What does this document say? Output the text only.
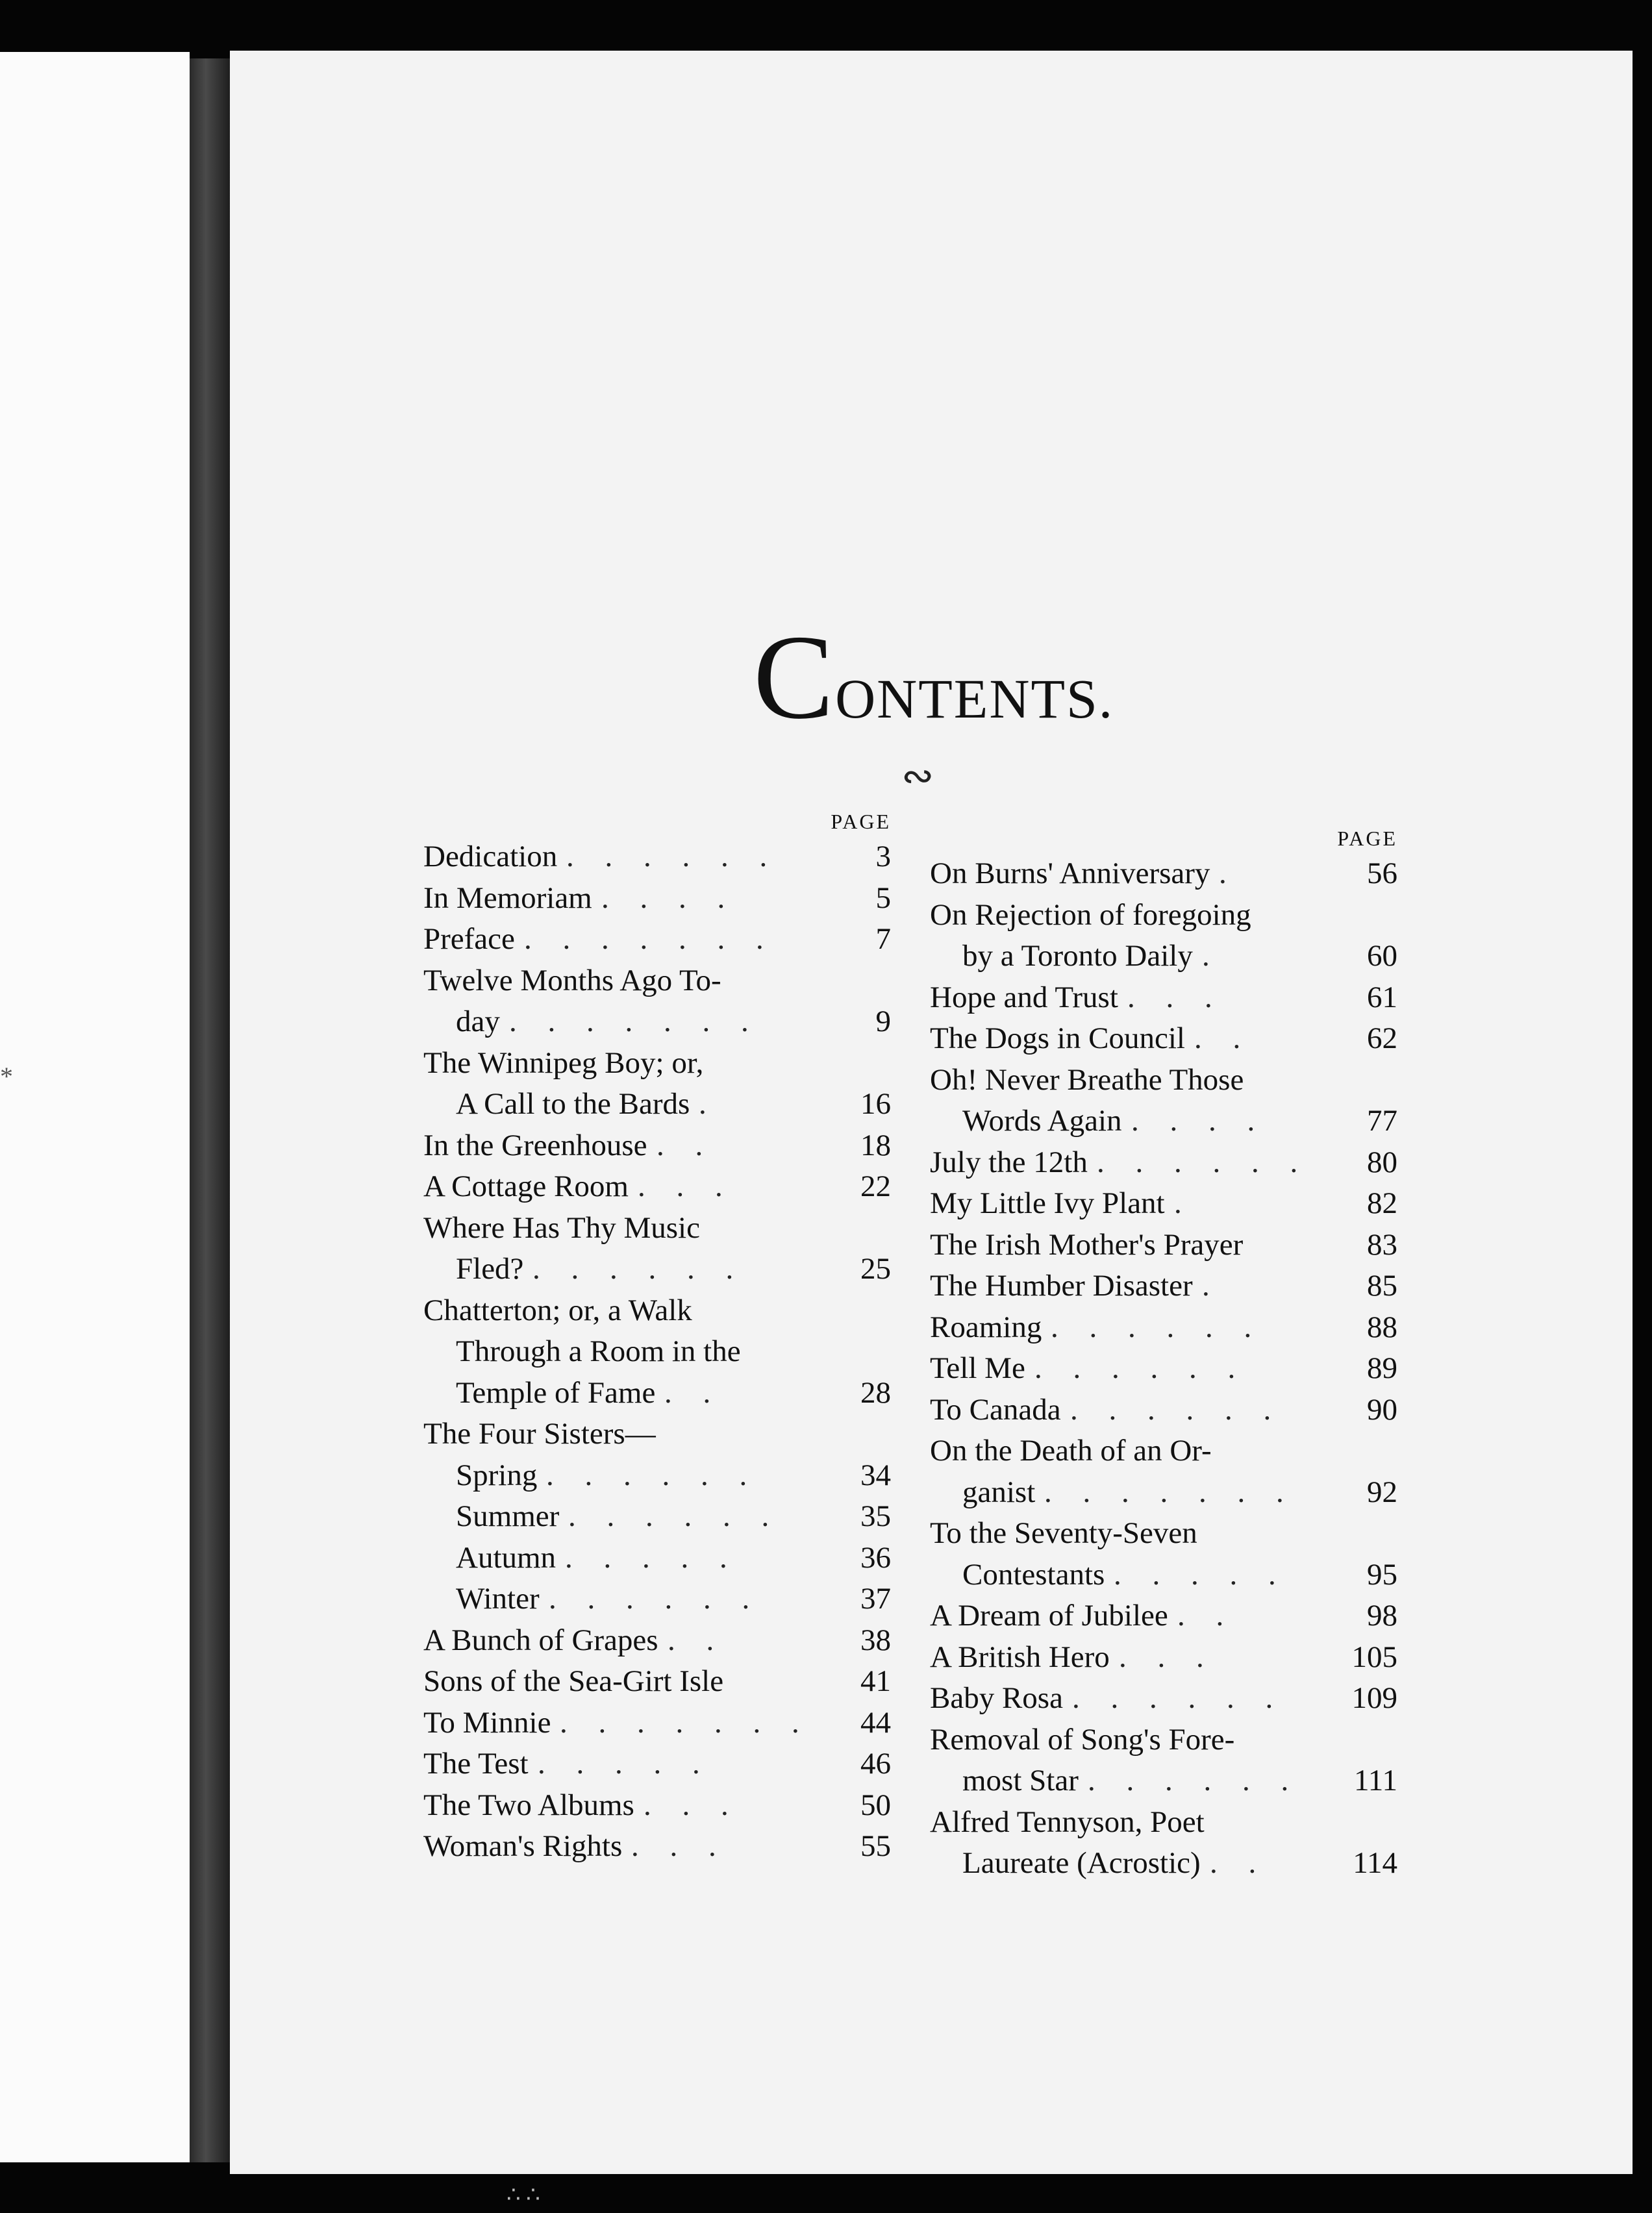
*
CONTENTS.
∾
PAGE
Dedication . . . . . .	3
In Memoriam . . . .	5
Preface . . . . . . .	7
Twelve Months Ago To-
day . . . . . . .	9
The Winnipeg Boy; or,
A Call to the Bards .	16
In the Greenhouse . .	18
A Cottage Room . . .	22
Where Has Thy Music
Fled? . . . . . .	25
Chatterton; or, a Walk
Through a Room in the
Temple of Fame . .	28
The Four Sisters—
Spring . . . . . .	34
Summer . . . . . .	35
Autumn . . . . .	36
Winter . . . . . .	37
A Bunch of Grapes . .	38
Sons of the Sea-Girt Isle	41
To Minnie . . . . . . . 44
The Test . . . . .	46
The Two Albums . . .	50
Woman's Rights . . .	55
PAGE
On Burns' Anniversary .	56
On Rejection of foregoing
by a Toronto Daily .	60
Hope and Trust . . .	61
The Dogs in Council . .	62
Oh! Never Breathe Those
Words Again . . . .	77
July the 12th . . . . . . 80
My Little Ivy Plant .	82
The Irish Mother's Prayer	83
The Humber Disaster .	85
Roaming . . . . . .	88
Tell Me . . . . . .	89
To Canada . . . . . .	90
On the Death of an Or-
ganist . . . . . . . 92
To the Seventy-Seven
Contestants . . . . .	95
A Dream of Jubilee . .	98
A British Hero . . .	105
Baby Rosa . . . . . . 109
Removal of Song's Fore-
most Star . . . . . . 111
Alfred Tennyson, Poet
Laureate (Acrostic) . .	114
∴ ∴
